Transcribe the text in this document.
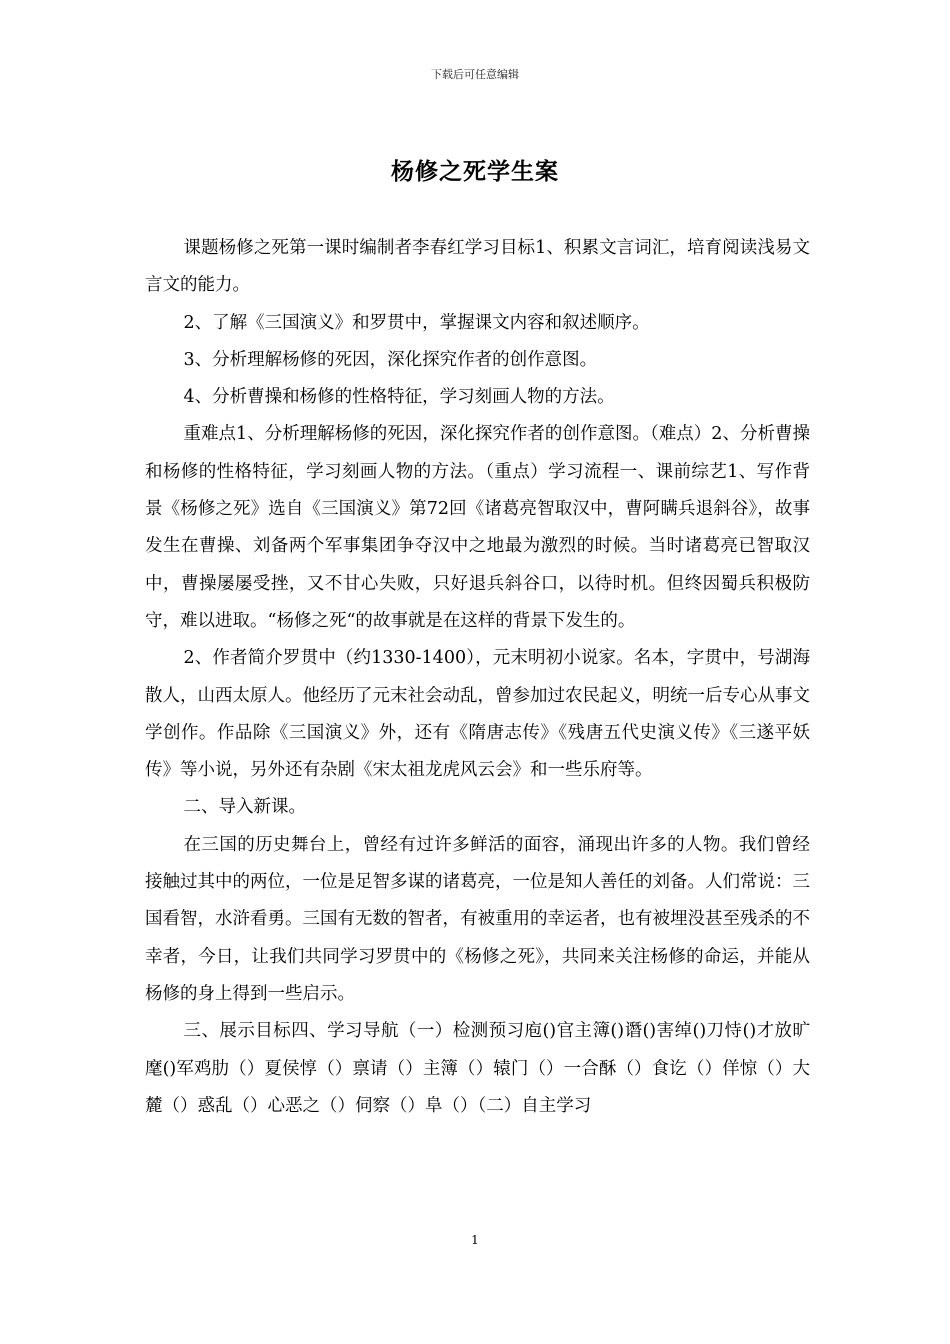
下载后可任意编辑
杨修之死学生案

课题杨修之死第一课时编制者李春红学习目标1、积累文言词汇，培育阅读浅易文言文的能力。

2、了解《三国演义》和罗贯中，掌握课文内容和叙述顺序。

3、分析理解杨修的死因，深化探究作者的创作意图。

4、分析曹操和杨修的性格特征，学习刻画人物的方法。

重难点1、分析理解杨修的死因，深化探究作者的创作意图。（难点）2、分析曹操和杨修的性格特征，学习刻画人物的方法。（重点）学习流程一、课前综艺1、写作背景《杨修之死》选自《三国演义》第72回《诸葛亮智取汉中，曹阿瞒兵退斜谷》，故事发生在曹操、刘备两个军事集团争夺汉中之地最为激烈的时候。当时诸葛亮已智取汉中，曹操屡屡受挫，又不甘心失败，只好退兵斜谷口，以待时机。但终因蜀兵积极防守，难以进取。“杨修之死“的故事就是在这样的背景下发生的。

2、作者简介罗贯中（约1330-1400），元末明初小说家。名本，字贯中，号湖海散人，山西太原人。他经历了元末社会动乱，曾参加过农民起义，明统一后专心从事文学创作。作品除《三国演义》外，还有《隋唐志传》《残唐五代史演义传》《三遂平妖传》等小说，另外还有杂剧《宋太祖龙虎风云会》和一些乐府等。

二、导入新课。

在三国的历史舞台上，曾经有过许多鲜活的面容，涌现出许多的人物。我们曾经接触过其中的两位，一位是足智多谋的诸葛亮，一位是知人善任的刘备。人们常说：三国看智，水浒看勇。三国有无数的智者，有被重用的幸运者，也有被埋没甚至残杀的不幸者，今日，让我们共同学习罗贯中的《杨修之死》，共同来关注杨修的命运，并能从杨修的身上得到一些启示。

三、展示目标四、学习导航（一）检测预习庖()官主簿()谮()害绰()刀恃()才放旷麾()军鸡肋（）夏侯惇（）禀请（）主簿（）辕门（）一合酥（）食讫（）佯惊（）大麓（）惑乱（）心恶之（）伺察（）阜（）（二）自主学习

1
